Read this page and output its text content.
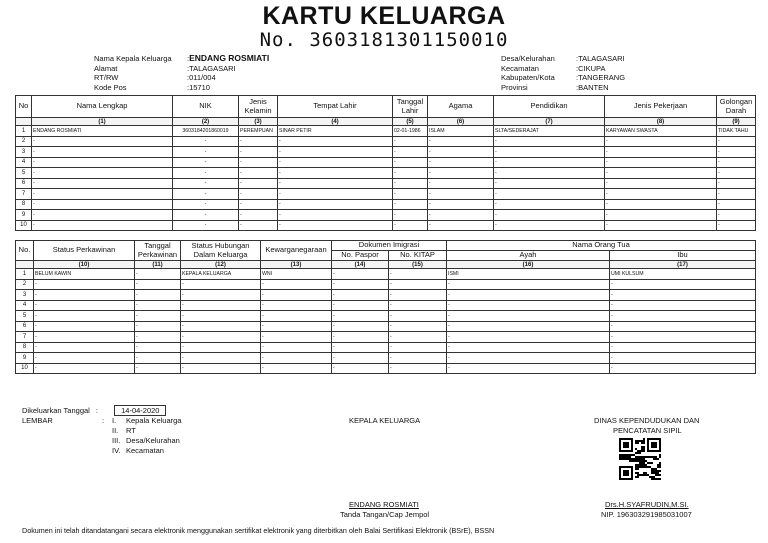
KARTU KELUARGA
No. 3603181301150010
Nama Kepala Keluarga	: ENDANG ROSMIATI
Alamat	: TALAGASARI
RT/RW	: 011/004
Kode Pos	: 15710
Desa/Kelurahan	: TALAGASARI
Kecamatan	: CIKUPA
Kabupaten/Kota	: TANGERANG
Provinsi	: BANTEN
No	Nama Lengkap	NIK	Jenis Kelamin	Tempat Lahir	Tanggal Lahir	Agama	Pendidikan	Jenis Pekerjaan	Golongan Darah
	(1)	(2)	(3)	(4)	(5)	(6)	(7)	(8)	(9)
1	ENDANG ROSMIATI	3603184201860019	PEREMPUAN	SINAR PETIR	02-01-1986	ISLAM	SLTA/SEDERAJAT	KARYAWAN SWASTA	TIDAK TAHU
2	-	-	-	-	-	-	-	-	-
3	-	-	-	-	-	-	-	-	-
4	-	-	-	-	-	-	-	-	-
5	-	-	-	-	-	-	-	-	-
6	-	-	-	-	-	-	-	-	-
7	-	-	-	-	-	-	-	-	-
8	-	-	-	-	-	-	-	-	-
9	-	-	-	-	-	-	-	-	-
10	-	-	-	-	-	-	-	-	-
No.	Status Perkawinan	Tanggal Perkawinan	Status Hubungan Dalam Keluarga	Kewarganegaraan	Dokumen Imigrasi		Nama Orang Tua	
					No. Paspor	No. KITAP	Ayah	Ibu
	(10)	(11)	(12)	(13)	(14)	(15)	(16)	(17)
1	BELUM KAWIN	-	KEPALA KELUARGA	WNI	-	-	ISMI	UMI KULSUM
2	-	-	-	-	-	-	-	-
3	-	-	-	-	-	-	-	-
4	-	-	-	-	-	-	-	-
5	-	-	-	-	-	-	-	-
6	-	-	-	-	-	-	-	-
7	-	-	-	-	-	-	-	-
8	-	-	-	-	-	-	-	-
9	-	-	-	-	-	-	-	-
10	-	-	-	-	-	-	-	-
Dikeluarkan Tanggal :	14-04-2020
LEMBAR	: I. Kepala Keluarga
II. RT
III. Desa/Kelurahan
IV. Kecamatan
KEPALA KELUARGA
ENDANG ROSMIATI
Tanda Tangan/Cap Jempol
DINAS KEPENDUDUKAN DAN
PENCATATAN SIPIL
Drs.H.SYAFRUDIN,M.SI.
NIP. 196303291985031007
Dokumen ini telah ditandatangani secara elektronik menggunakan sertifikat elektronik yang diterbitkan oleh Balai Sertifikasi Elektronik (BSrE), BSSN
